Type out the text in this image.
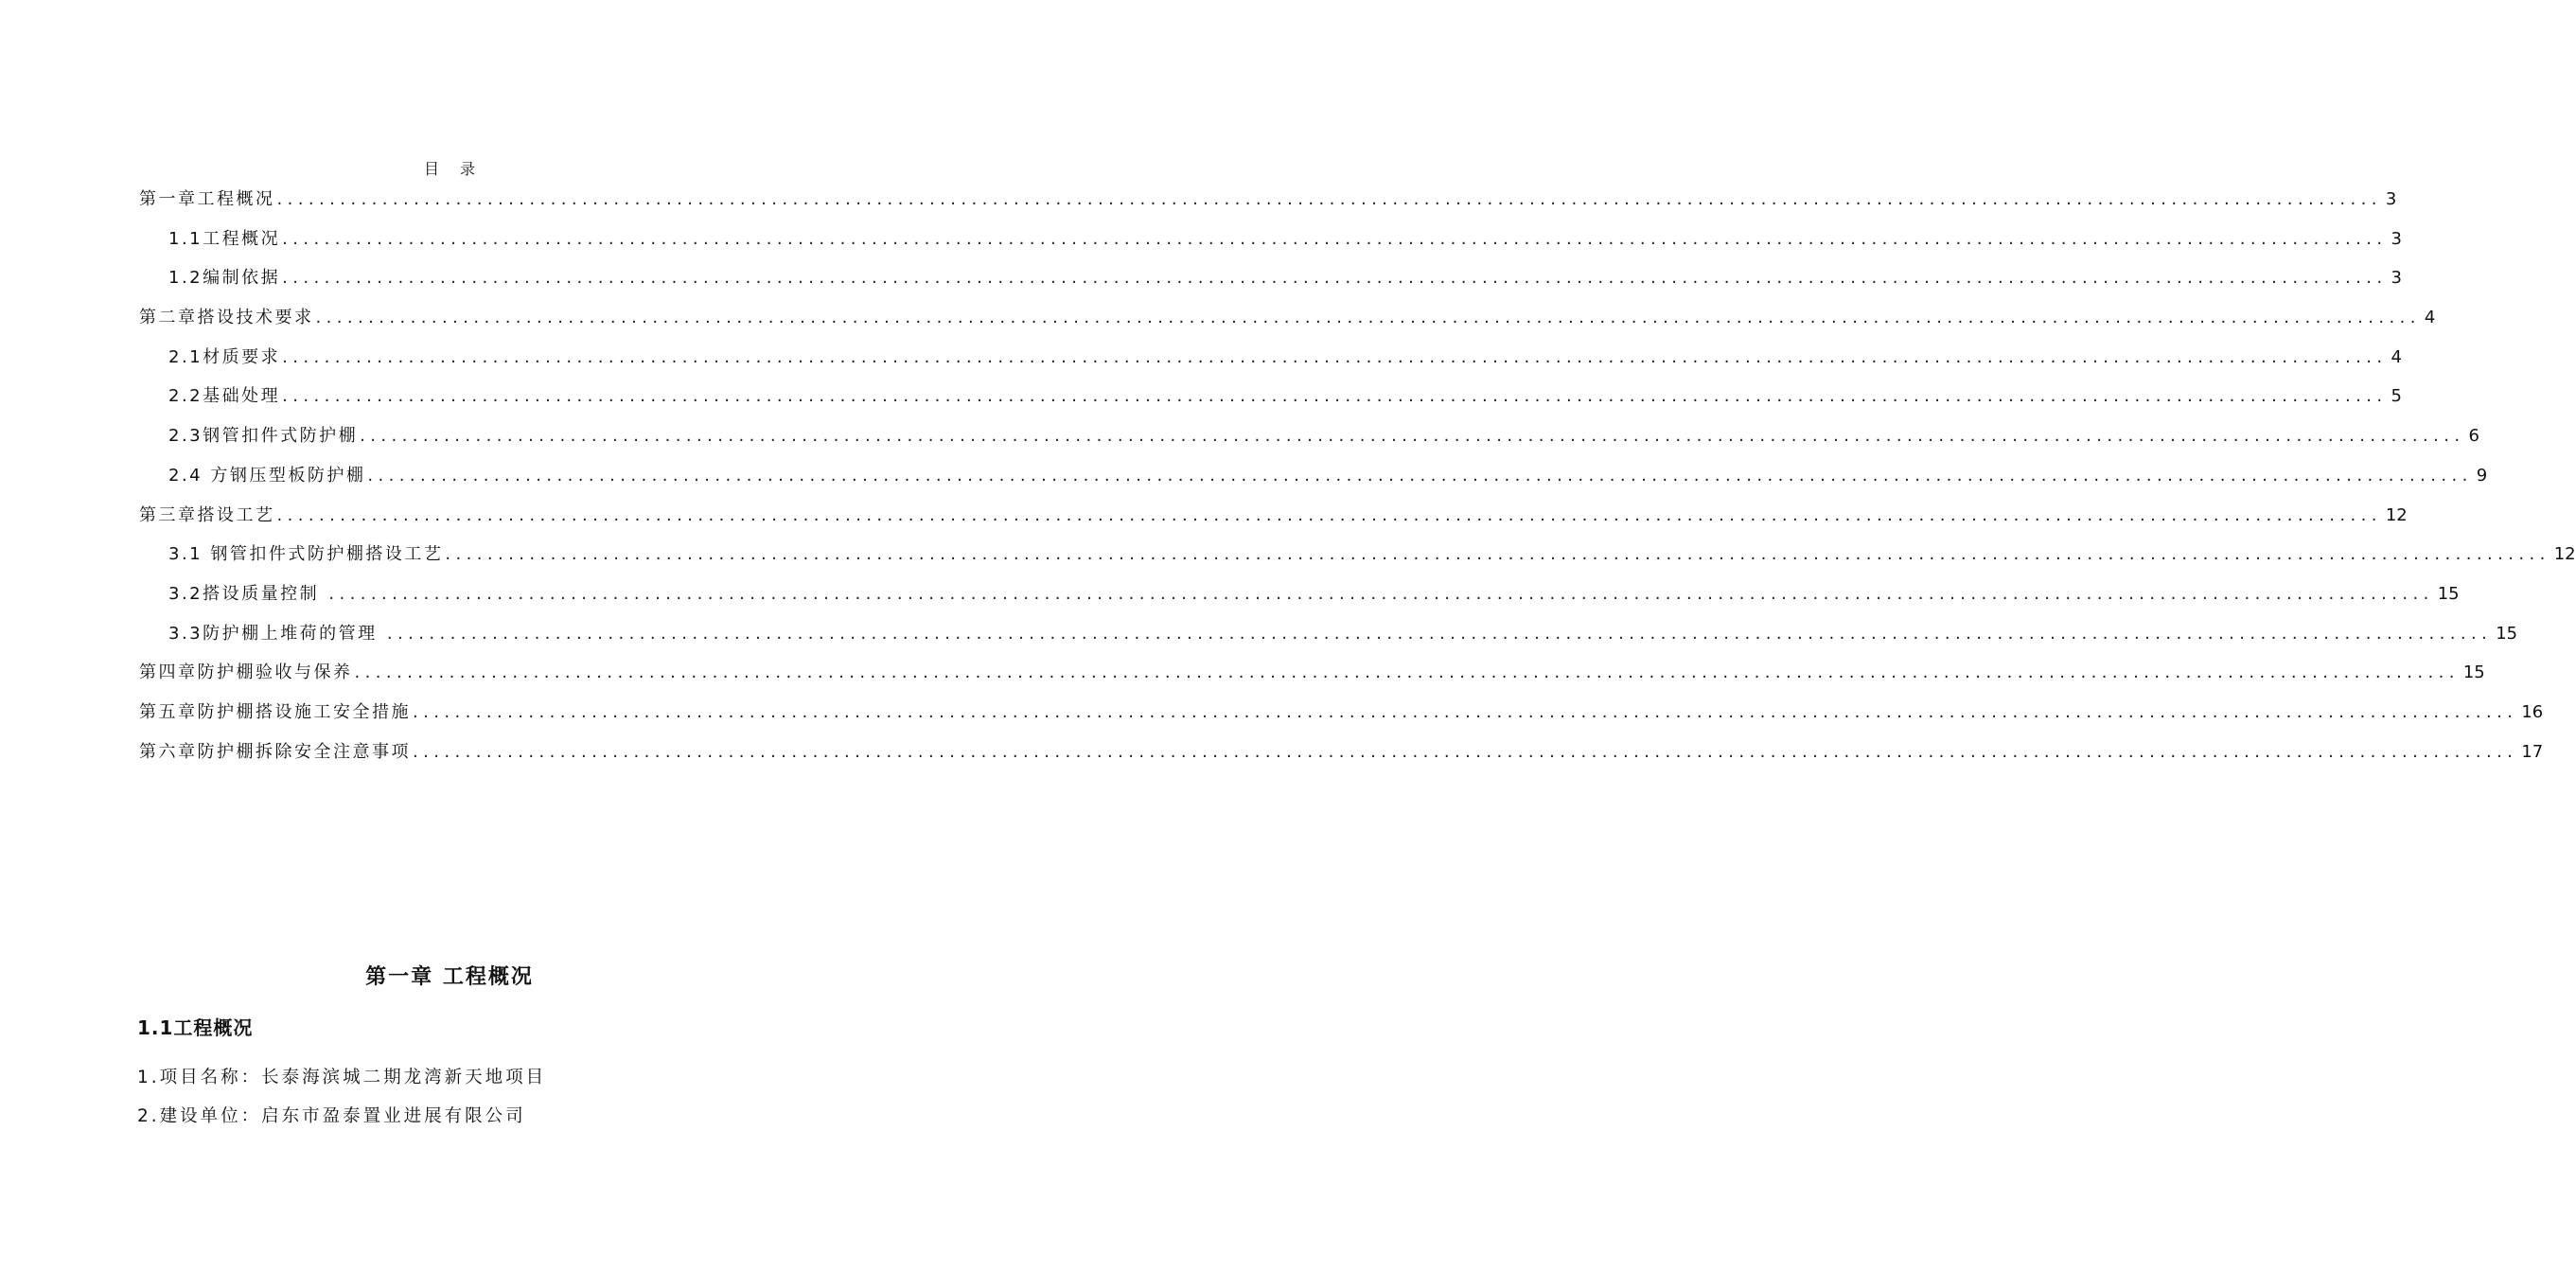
目录
第一章工程概况 ........................................................................................................................................................................................................ 3
1.1工程概况 ........................................................................................................................................................................................................ 3
1.2编制依据 ........................................................................................................................................................................................................ 3
第二章搭设技术要求 ........................................................................................................................................................................................................ 4
2.1材质要求 ........................................................................................................................................................................................................ 4
2.2基础处理 ........................................................................................................................................................................................................ 5
2.3钢管扣件式防护棚 ........................................................................................................................................................................................................ 6
2.4 方钢压型板防护棚 ........................................................................................................................................................................................................ 9
第三章搭设工艺 ........................................................................................................................................................................................................ 12
3.1 钢管扣件式防护棚搭设工艺 ........................................................................................................................................................................................................ 12
3.2搭设质量控制 ........................................................................................................................................................................................................ 15
3.3防护棚上堆荷的管理 ........................................................................................................................................................................................................ 15
第四章防护棚验收与保养 ........................................................................................................................................................................................................ 15
第五章防护棚搭设施工安全措施 ........................................................................................................................................................................................................ 16
第六章防护棚拆除安全注意事项 ........................................................................................................................................................................................................ 17
第一章 工程概况
1.1工程概况
1.项目名称：长泰海滨城二期龙湾新天地项目
2.建设单位：启东市盈泰置业进展有限公司
